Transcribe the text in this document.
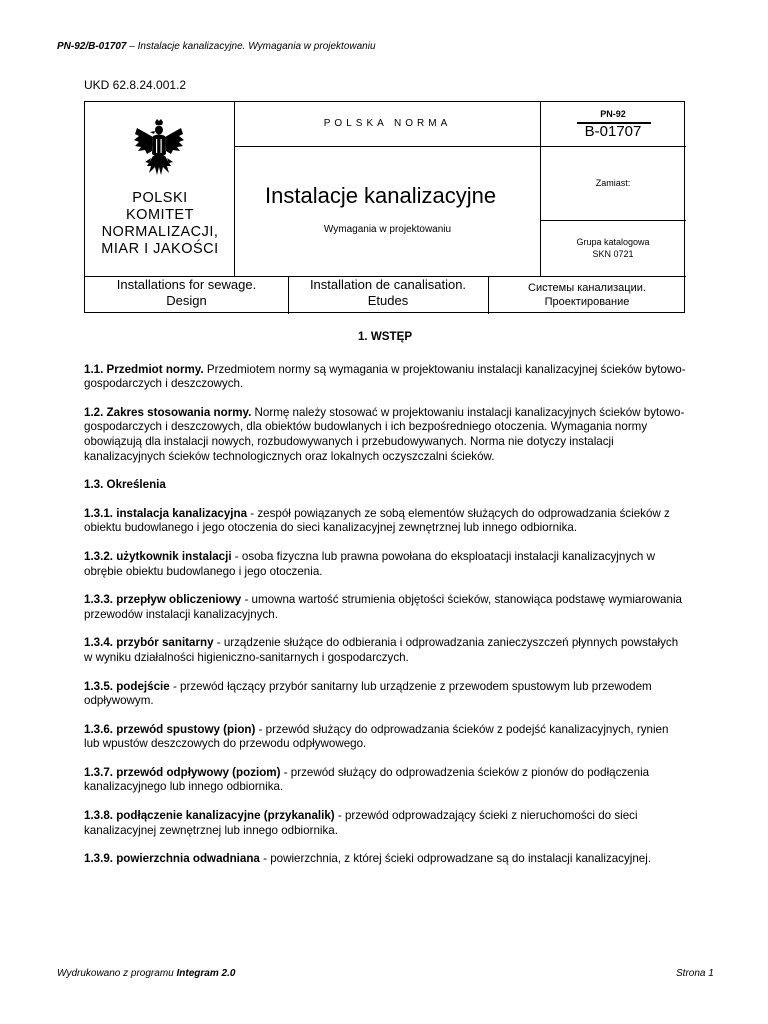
PN-92/B-01707 – Instalacje kanalizacyjne. Wymagania w projektowaniu
UKD 62.8.24.001.2
POLSKI
KOMITET
NORMALIZACJI,
MIAR I JAKOŚCI
POLSKA NORMA
PN-92
B-01707
Instalacje kanalizacyjne
Wymagania w projektowaniu
Zamiast:
Grupa katalogowa
SKN 0721
Installations for sewage.
Design
Installation de canalisation.
Etudes
Системы канализации.
Проектирование
1. WSTĘP
1.1. Przedmiot normy. Przedmiotem normy są wymagania w projektowaniu instalacji kanalizacyjnej ścieków bytowo-gospodarczych i deszczowych.
1.2. Zakres stosowania normy. Normę należy stosować w projektowaniu instalacji kanalizacyjnych ścieków bytowo-gospodarczych i deszczowych, dla obiektów budowlanych i ich bezpośredniego otoczenia. Wymagania normy obowiązują dla instalacji nowych, rozbudowywanych i przebudowywanych. Norma nie dotyczy instalacji kanalizacyjnych ścieków technologicznych oraz lokalnych oczyszczalni ścieków.
1.3. Określenia
1.3.1. instalacja kanalizacyjna - zespół powiązanych ze sobą elementów służących do odprowadzania ścieków z obiektu budowlanego i jego otoczenia do sieci kanalizacyjnej zewnętrznej lub innego odbiornika.
1.3.2. użytkownik instalacji - osoba fizyczna lub prawna powołana do eksploatacji instalacji kanalizacyjnych w obrębie obiektu budowlanego i jego otoczenia.
1.3.3. przepływ obliczeniowy - umowna wartość strumienia objętości ścieków, stanowiąca podstawę wymiarowania przewodów instalacji kanalizacyjnych.
1.3.4. przybór sanitarny - urządzenie służące do odbierania i odprowadzania zanieczyszczeń płynnych powstałych w wyniku działalności higieniczno-sanitarnych i gospodarczych.
1.3.5. podejście - przewód łączący przybór sanitarny lub urządzenie z przewodem spustowym lub przewodem odpływowym.
1.3.6. przewód spustowy (pion) - przewód służący do odprowadzania ścieków z podejść kanalizacyjnych, rynien lub wpustów deszczowych do przewodu odpływowego.
1.3.7. przewód odpływowy (poziom) - przewód służący do odprowadzenia ścieków z pionów do podłączenia kanalizacyjnego lub innego odbiornika.
1.3.8. podłączenie kanalizacyjne (przykanalik) - przewód odprowadzający ścieki z nieruchomości do sieci kanalizacyjnej zewnętrznej lub innego odbiornika.
1.3.9. powierzchnia odwadniana - powierzchnia, z której ścieki odprowadzane są do instalacji kanalizacyjnej.
Wydrukowano z programu Integram 2.0	Strona 1
